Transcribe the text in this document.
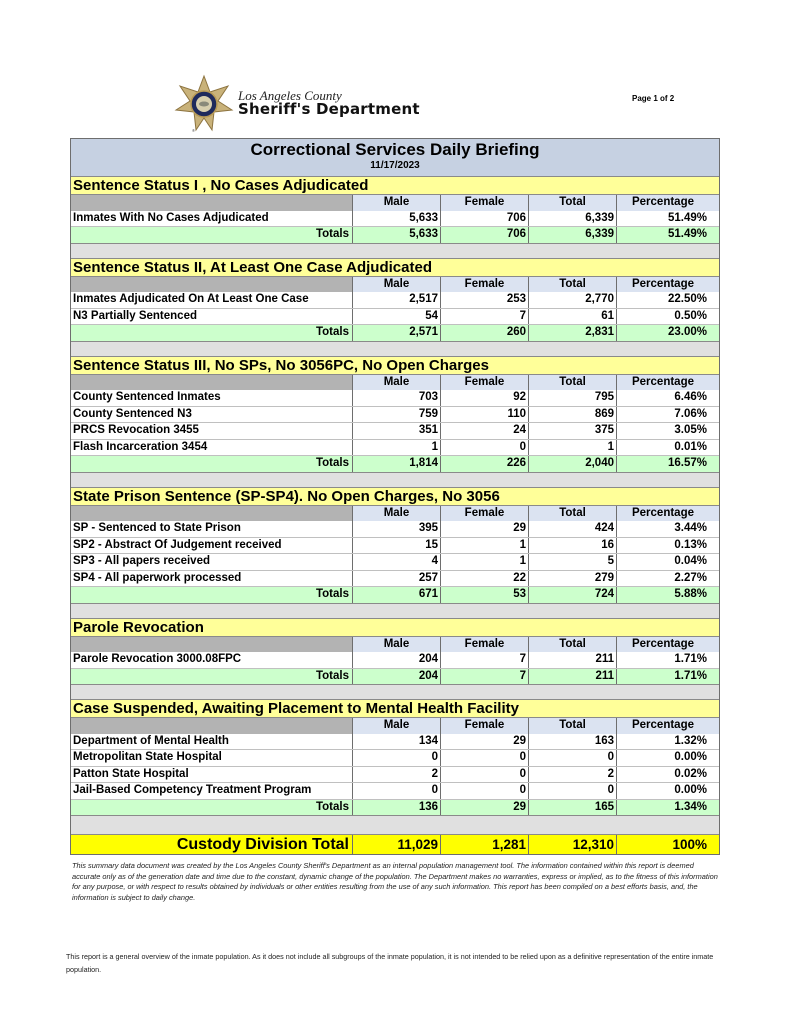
®
Los Angeles County
Sheriff's Department
Page 1 of 2
Correctional Services Daily Briefing
11/17/2023
Sentence Status I , No Cases Adjudicated
Male	Female	Total	Percentage
Inmates With No Cases Adjudicated	5,633	706	6,339	51.49%
Totals	5,633	706	6,339	51.49%
Sentence Status II, At Least One Case Adjudicated
Male	Female	Total	Percentage
Inmates Adjudicated On At Least One Case	2,517	253	2,770	22.50%
N3 Partially Sentenced	54	7	61	0.50%
Totals	2,571	260	2,831	23.00%
Sentence Status III, No SPs, No 3056PC, No Open Charges
Male	Female	Total	Percentage
County Sentenced Inmates	703	92	795	6.46%
County Sentenced N3	759	110	869	7.06%
PRCS Revocation 3455	351	24	375	3.05%
Flash Incarceration 3454	1	0	1	0.01%
Totals	1,814	226	2,040	16.57%
State Prison Sentence (SP-SP4). No Open Charges, No 3056
Male	Female	Total	Percentage
SP - Sentenced to State Prison	395	29	424	3.44%
SP2 - Abstract Of Judgement received	15	1	16	0.13%
SP3 - All papers received	4	1	5	0.04%
SP4 - All paperwork processed	257	22	279	2.27%
Totals	671	53	724	5.88%
Parole Revocation
Male	Female	Total	Percentage
Parole Revocation 3000.08FPC	204	7	211	1.71%
Totals	204	7	211	1.71%
Case Suspended, Awaiting Placement to Mental Health Facility
Male	Female	Total	Percentage
Department of Mental Health	134	29	163	1.32%
Metropolitan State Hospital	0	0	0	0.00%
Patton State Hospital	2	0	2	0.02%
Jail-Based Competency Treatment Program	0	0	0	0.00%
Totals	136	29	165	1.34%
Custody Division Total	11,029	1,281	12,310	100%
This summary data document was created by the Los Angeles County Sheriff's Department as an internal population management tool. The information contained within this report is deemed accurate only as of the generation date and time due to the constant, dynamic change of the population. The Department makes no warranties, express or implied, as to the fitness of this information for any purpose, or with respect to results obtained by individuals or other entities resulting from the use of any such information. This report has been compiled on a best efforts basis, and, the information is subject to daily change.
This report is a general overview of the inmate population. As it does not include all subgroups of the inmate population, it is not intended to be relied upon as a definitive representation of the entire inmate population.
